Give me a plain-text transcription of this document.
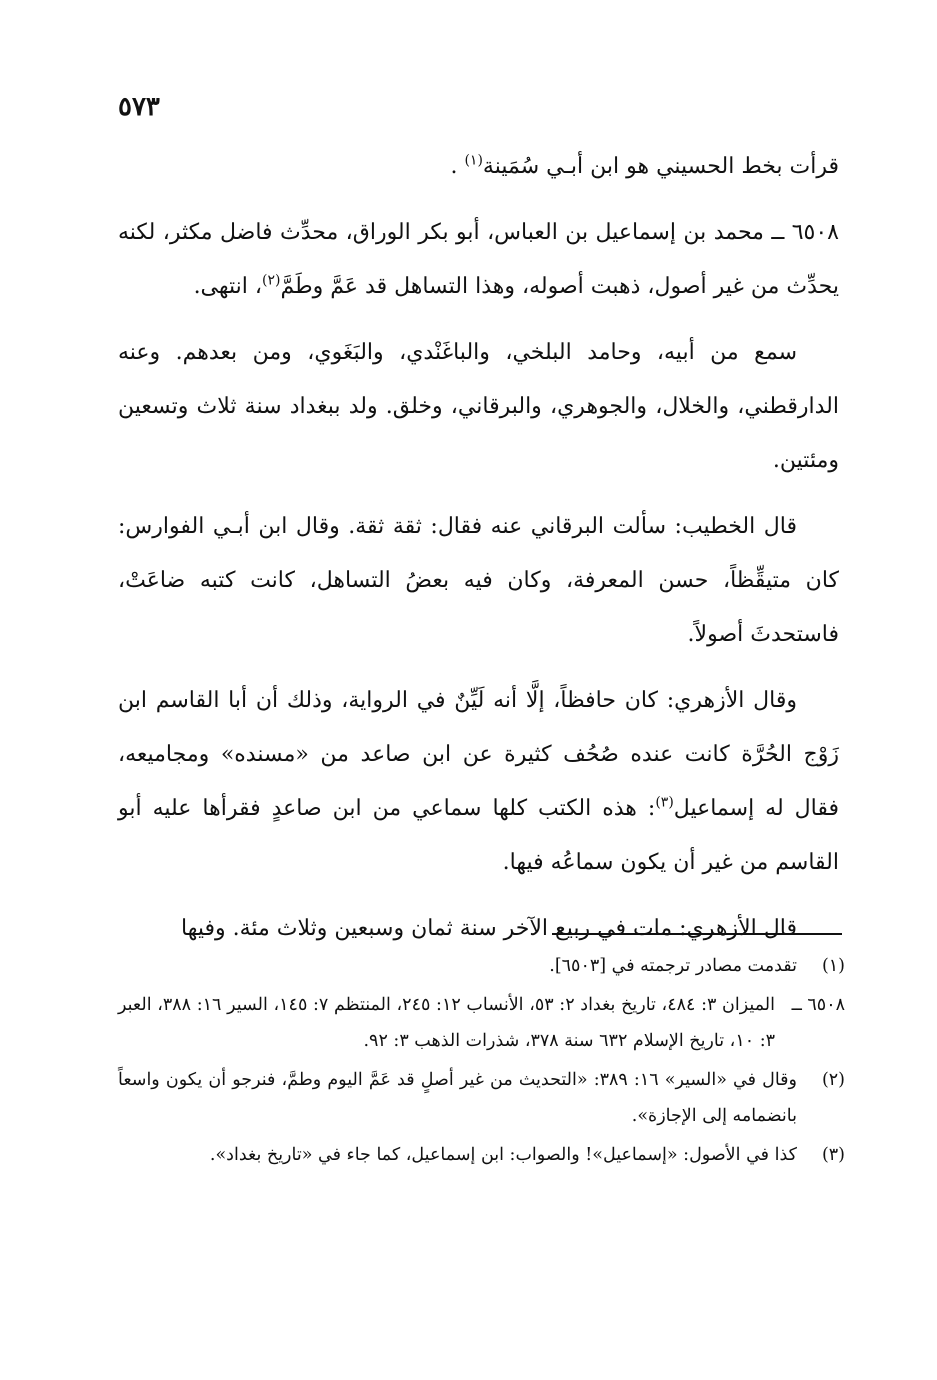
٥٧٣

قرأت بخط الحسيني هو ابن أبـي سُمَينة$^{(١)}$ .

٦٥٠٨ ــ محمد بن إسماعيل بن العباس، أبو بكر الوراق، محدِّث فاضل مكثر، لكنه يحدِّث من غير أصول، ذهبت أصوله، وهذا التساهل قد عَمَّ وطَمَّ$^{(٢)}$، انتهى.

سمع من أبيه، وحامد البلخي، والباغَنْدي، والبَغَوي، ومن بعدهم. وعنه الدارقطني، والخلال، والجوهري، والبرقاني، وخلق. ولد ببغداد سنة ثلاث وتسعين ومئتين.

قال الخطيب: سألت البرقاني عنه فقال: ثقة ثقة. وقال ابن أبـي الفوارس: كان متيقِّظاً، حسن المعرفة، وكان فيه بعضُ التساهل، كانت كتبه ضاعَتْ، فاستحدثَ أصولاً.

وقال الأزهري: كان حافظاً، إلَّا أنه لَيِّنٌ في الرواية، وذلك أن أبا القاسم ابن زَوْج الحُرَّة كانت عنده صُحُف كثيرة عن ابن صاعد من «مسنده» ومجاميعه، فقال له إسماعيل$^{(٣)}$: هذه الكتب كلها سماعي من ابن صاعدٍ فقرأها عليه أبو القاسم من غير أن يكون سماعُه فيها.

قال الأزهري: مات في ربيع الآخر سنة ثمان وسبعين وثلاث مئة. وفيها

(١)
تقدمت مصادر ترجمته في [٦٥٠٣].
٦٥٠٨ ــ
الميزان ٣: ٤٨٤، تاريخ بغداد ٢: ٥٣، الأنساب ١٢: ٢٤٥، المنتظم ٧: ١٤٥، السير ١٦: ٣٨٨، العبر ٣: ١٠، تاريخ الإسلام ٦٣٢ سنة ٣٧٨، شذرات الذهب ٣: ٩٢.
(٢)
وقال في «السير» ١٦: ٣٨٩: «التحديث من غير أصلٍ قد عَمَّ اليوم وطمَّ، فنرجو أن يكون واسعاً بانضمامه إلى الإجازة».
(٣)
كذا في الأصول: «إسماعيل»! والصواب: ابن إسماعيل، كما جاء في «تاريخ بغداد».
